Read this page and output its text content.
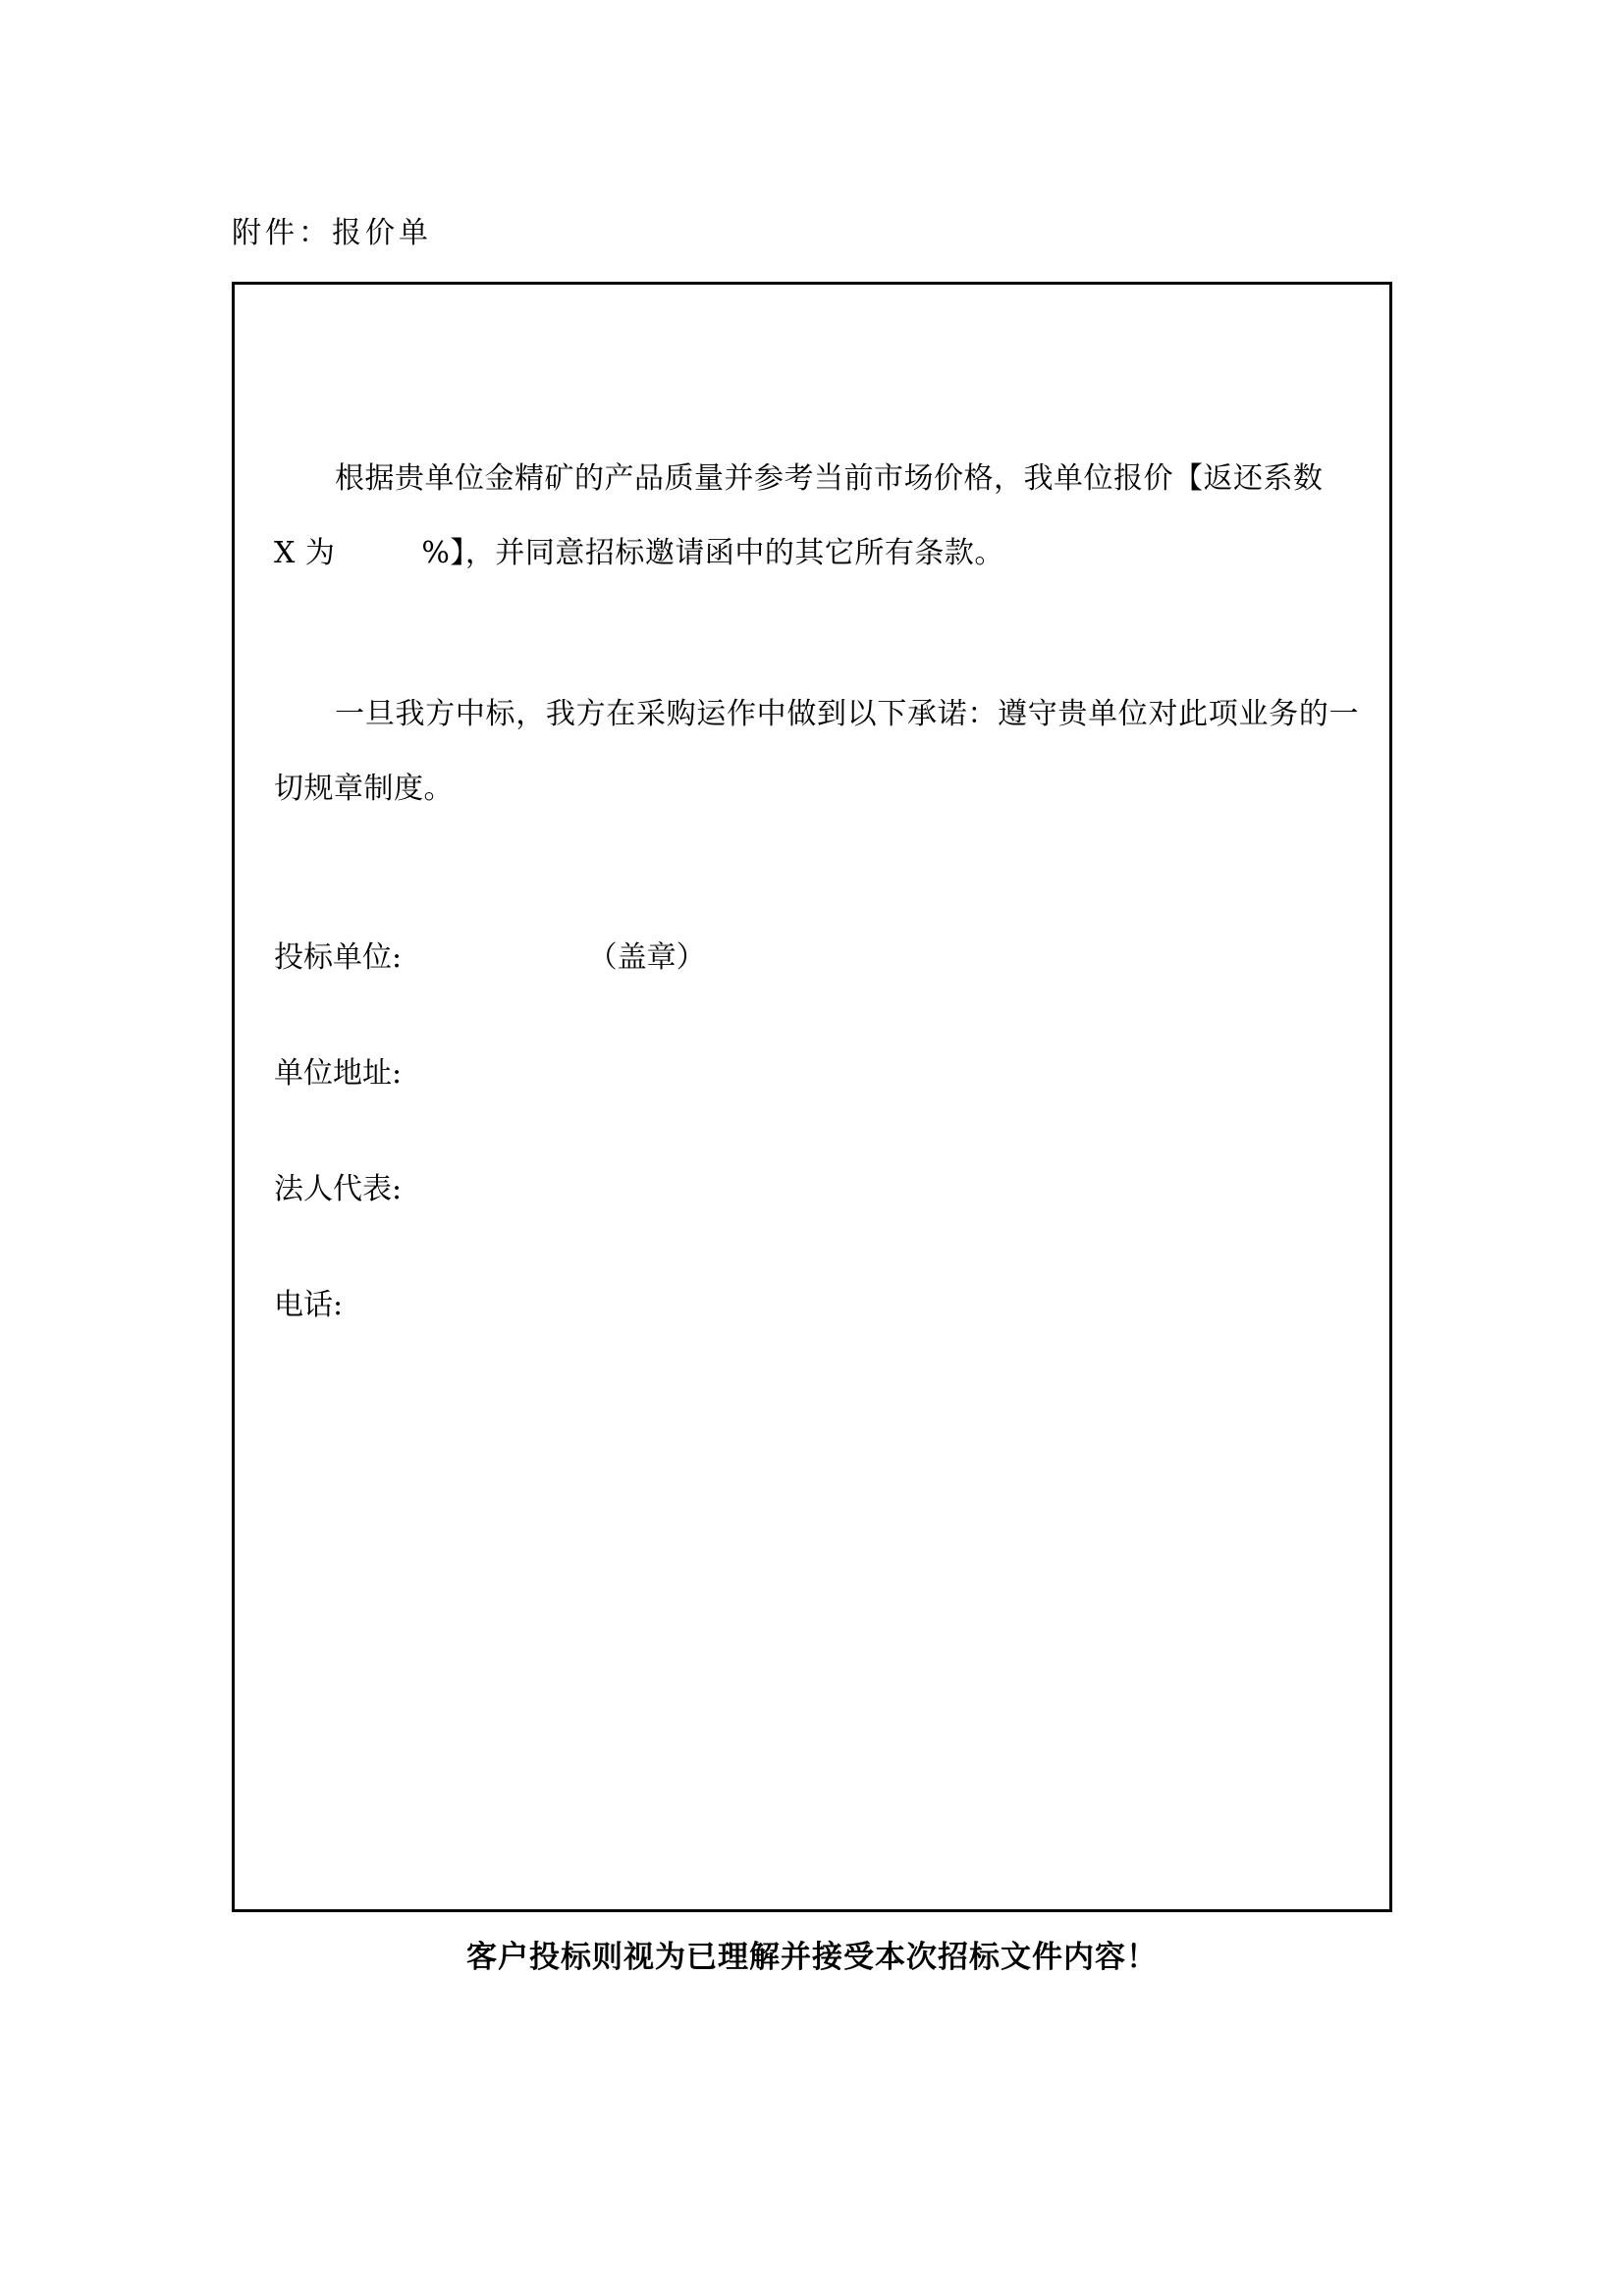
附件：报价单
根据贵单位金精矿的产品质量并参考当前市场价格，我单位报价【返还系数
X 为	%】，并同意招标邀请函中的其它所有条款。
一旦我方中标，我方在采购运作中做到以下承诺：遵守贵单位对此项业务的一切规章制度。
投标单位:	（盖章）
单位地址:
法人代表:
电话:
客户投标则视为已理解并接受本次招标文件内容！
